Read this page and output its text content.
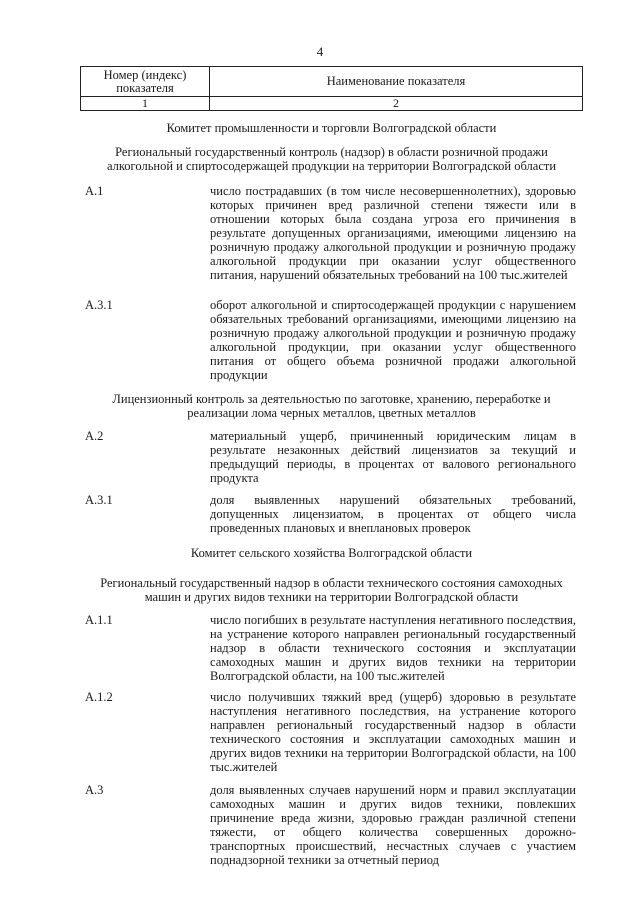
4
Номер (индекс) показателя	Наименование показателя
1	2
Комитет промышленности и торговли Волгоградской области
Региональный государственный контроль (надзор) в области розничной продажи алкогольной и спиртосодержащей продукции на территории Волгоградской области
А.1	число пострадавших (в том числе несовершеннолетних), здоровью которых причинен вред различной степени тяжести или в отношении которых была создана угроза его причинения в результате допущенных организациями, имеющими лицензию на розничную продажу алкогольной продукции и розничную продажу алкогольной продукции при оказании услуг общественного питания, нарушений обязательных требований на 100 тыс.жителей
А.3.1	оборот алкогольной и спиртосодержащей продукции с нарушением обязательных требований организациями, имеющими лицензию на розничную продажу алкогольной продукции и розничную продажу алкогольной продукции, при оказании услуг общественного питания от общего объема розничной продажи алкогольной продукции
Лицензионный контроль за деятельностью по заготовке, хранению, переработке и реализации лома черных металлов, цветных металлов
А.2	материальный ущерб, причиненный юридическим лицам в результате незаконных действий лицензиатов за текущий и предыдущий периоды, в процентах от валового регионального продукта
А.3.1	доля выявленных нарушений обязательных требований, допущенных лицензиатом, в процентах от общего числа проведенных плановых и внеплановых проверок
Комитет сельского хозяйства Волгоградской области
Региональный государственный надзор в области технического состояния самоходных машин и других видов техники на территории Волгоградской области
А.1.1	число погибших в результате наступления негативного последствия, на устранение которого направлен региональный государственный надзор в области технического состояния и эксплуатации самоходных машин и других видов техники на территории Волгоградской области, на 100 тыс.жителей
А.1.2	число получивших тяжкий вред (ущерб) здоровью в результате наступления негативного последствия, на устранение которого направлен региональный государственный надзор в области технического состояния и эксплуатации самоходных машин и других видов техники на территории Волгоградской области, на 100 тыс.жителей
А.3	доля выявленных случаев нарушений норм и правил эксплуатации самоходных машин и других видов техники, повлекших причинение вреда жизни, здоровью граждан различной степени тяжести, от общего количества совершенных дорожно-транспортных происшествий, несчастных случаев с участием поднадзорной техники за отчетный период
